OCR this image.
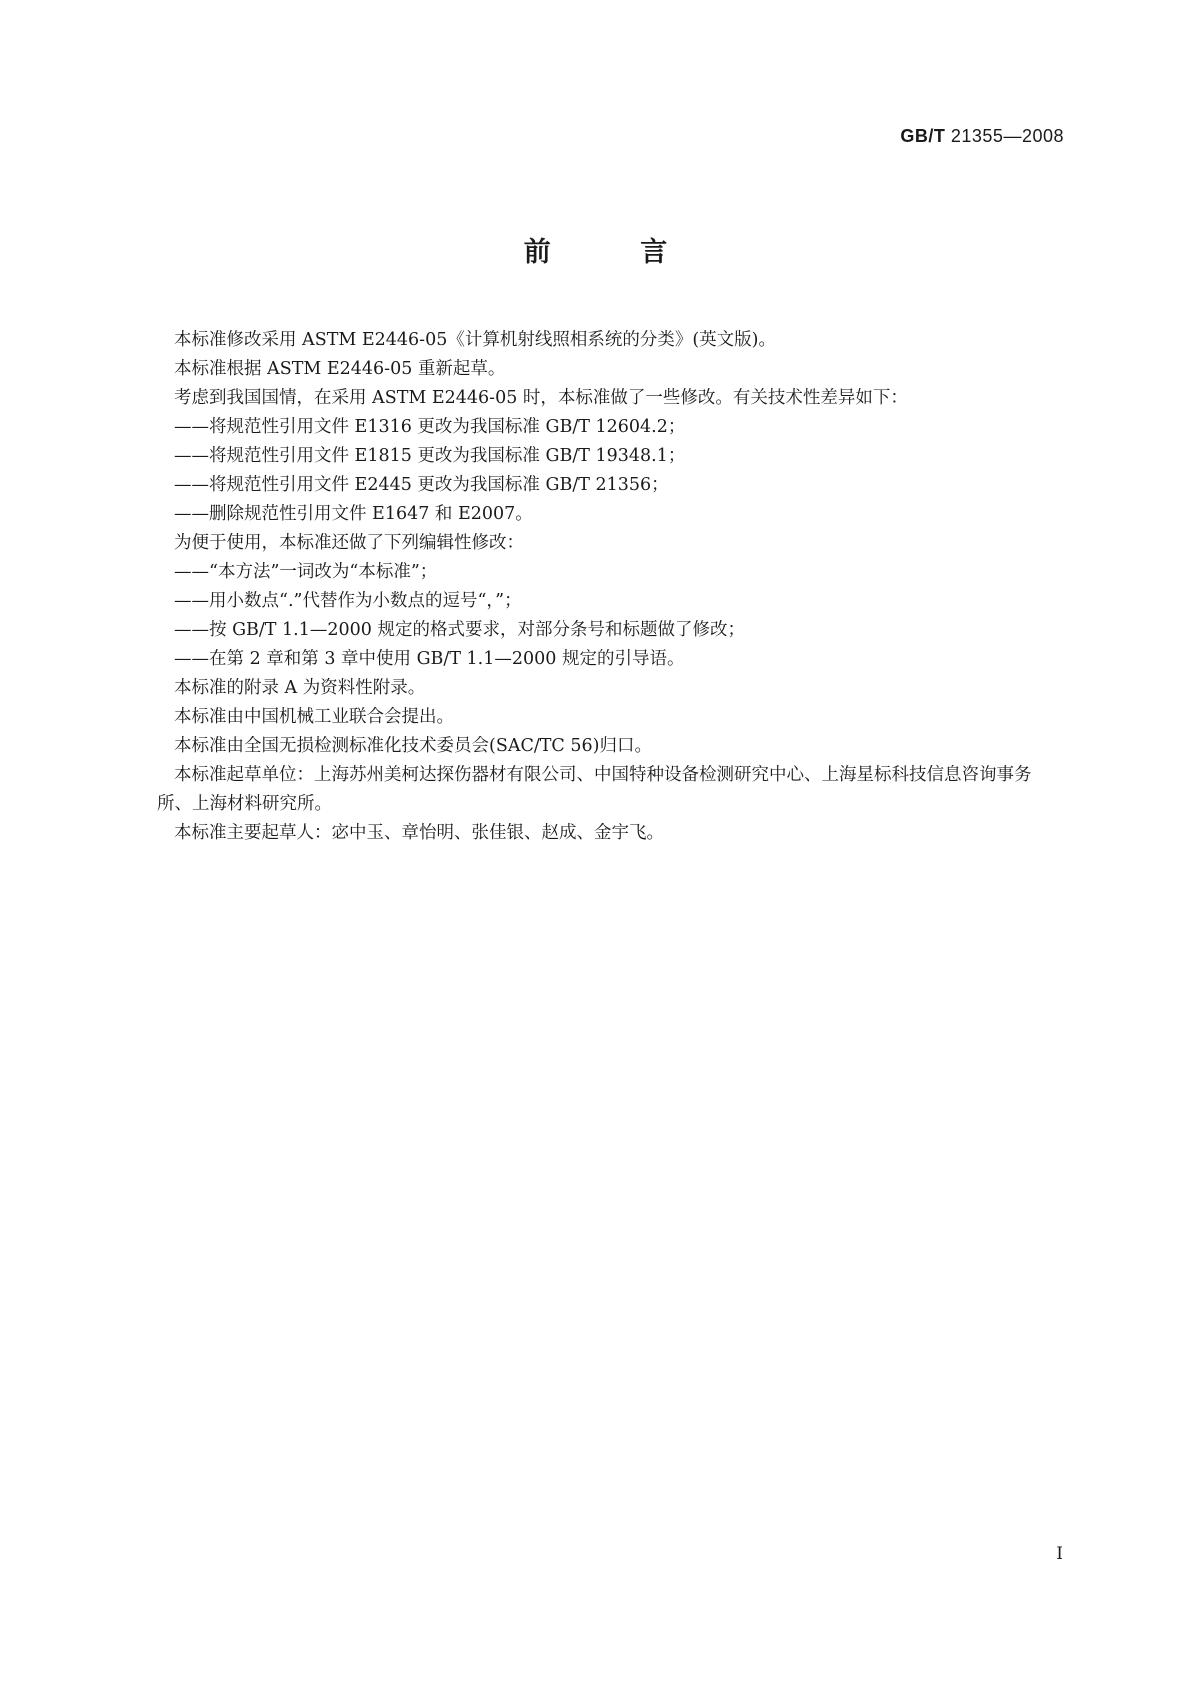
GB/T 21355—2008
前 言

本标准修改采用 ASTM E2446-05《计算机射线照相系统的分类》(英文版)。

本标准根据 ASTM E2446-05 重新起草。

考虑到我国国情，在采用 ASTM E2446-05 时，本标准做了一些修改。有关技术性差异如下：

——将规范性引用文件 E1316 更改为我国标准 GB/T 12604.2；

——将规范性引用文件 E1815 更改为我国标准 GB/T 19348.1；

——将规范性引用文件 E2445 更改为我国标准 GB/T 21356；

——删除规范性引用文件 E1647 和 E2007。

为便于使用，本标准还做了下列编辑性修改：

——“本方法”一词改为“本标准”；

——用小数点“.”代替作为小数点的逗号“，”；

——按 GB/T 1.1—2000 规定的格式要求，对部分条号和标题做了修改；

——在第 2 章和第 3 章中使用 GB/T 1.1—2000 规定的引导语。

本标准的附录 A 为资料性附录。

本标准由中国机械工业联合会提出。

本标准由全国无损检测标准化技术委员会(SAC/TC 56)归口。

本标准起草单位：上海苏州美柯达探伤器材有限公司、中国特种设备检测研究中心、上海星标科技信息咨询事务所、上海材料研究所。

本标准主要起草人：宓中玉、章怡明、张佳银、赵成、金宇飞。

I
